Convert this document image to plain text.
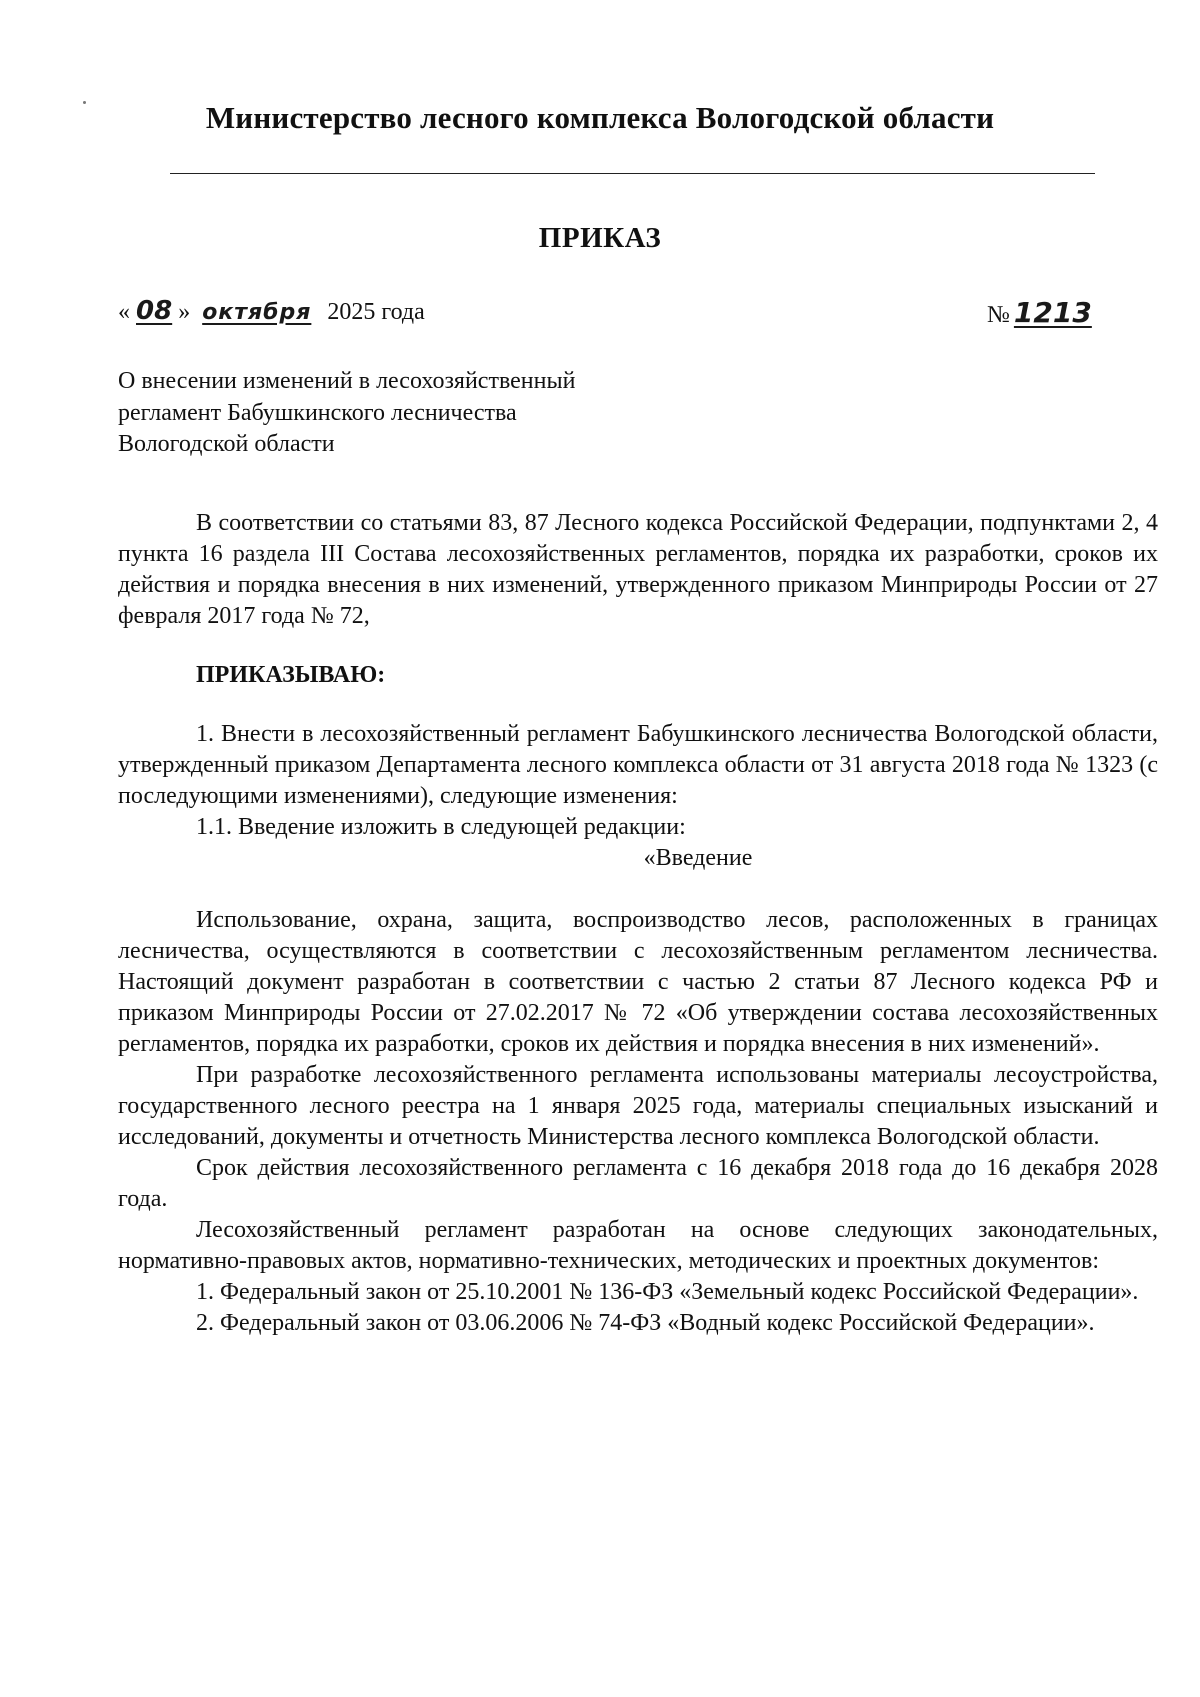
Министерство лесного комплекса Вологодской области
ПРИКАЗ
« 08 » октября 2025 года	№ 1213
О внесении изменений в лесохозяйственный
регламент Бабушкинского лесничества
Вологодской области

В соответствии со статьями 83, 87 Лесного кодекса Российской Федерации, подпунктами 2, 4 пункта 16 раздела III Состава лесохозяйственных регламентов, порядка их разработки, сроков их действия и порядка внесения в них изменений, утвержденного приказом Минприроды России от 27 февраля 2017 года № 72,

ПРИКАЗЫВАЮ:

1. Внести в лесохозяйственный регламент Бабушкинского лесничества Вологодской области, утвержденный приказом Департамента лесного комплекса области от 31 августа 2018 года № 1323 (с последующими изменениями), следующие изменения:

1.1. Введение изложить в следующей редакции:

«Введение

Использование, охрана, защита, воспроизводство лесов, расположенных в границах лесничества, осуществляются в соответствии с лесохозяйственным регламентом лесничества. Настоящий документ разработан в соответствии с частью 2 статьи 87 Лесного кодекса РФ и приказом Минприроды России от 27.02.2017 № 72 «Об утверждении состава лесохозяйственных регламентов, порядка их разработки, сроков их действия и порядка внесения в них изменений».

При разработке лесохозяйственного регламента использованы материалы лесоустройства, государственного лесного реестра на 1 января 2025 года, материалы специальных изысканий и исследований, документы и отчетность Министерства лесного комплекса Вологодской области.

Срок действия лесохозяйственного регламента с 16 декабря 2018 года до 16 декабря 2028 года.

Лесохозяйственный регламент разработан на основе следующих законодательных, нормативно-правовых актов, нормативно-технических, методических и проектных документов:

1. Федеральный закон от 25.10.2001 № 136-ФЗ «Земельный кодекс Российской Федерации».

2. Федеральный закон от 03.06.2006 № 74-ФЗ «Водный кодекс Российской Федерации».
